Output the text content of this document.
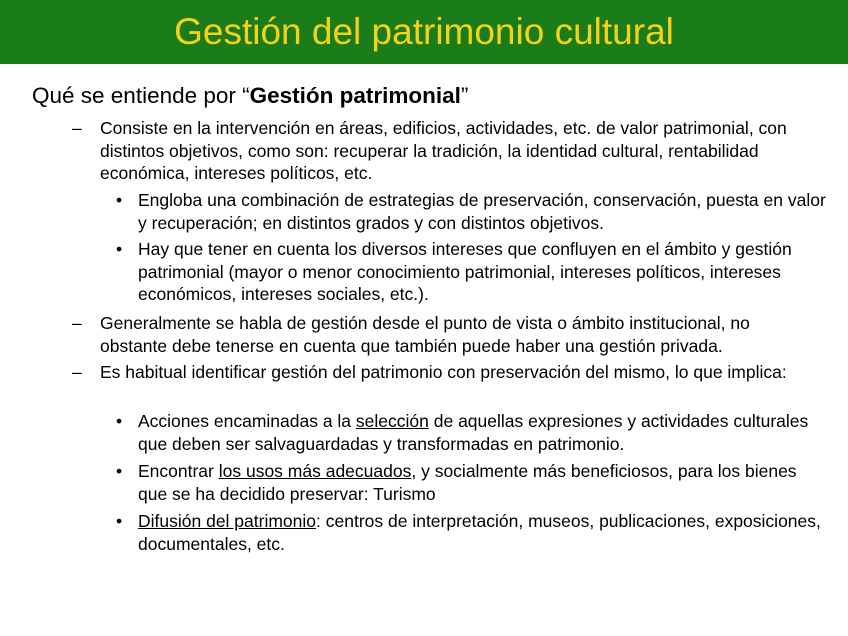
Gestión del patrimonio cultural
Qué se entiende por “Gestión patrimonial”
– Consiste en la intervención en áreas, edificios, actividades, etc. de valor patrimonial, con distintos objetivos, como son: recuperar la tradición, la identidad cultural, rentabilidad económica, intereses políticos, etc.
• Engloba una combinación de estrategias de preservación, conservación, puesta en valor y recuperación; en distintos grados y con distintos objetivos.
• Hay que tener en cuenta los diversos intereses que confluyen en el ámbito y gestión patrimonial (mayor o menor conocimiento patrimonial, intereses políticos, intereses económicos, intereses sociales, etc.).
– Generalmente se habla de gestión desde el punto de vista o ámbito institucional, no obstante debe tenerse en cuenta que también puede haber una gestión privada.
– Es habitual identificar gestión del patrimonio con preservación del mismo, lo que implica:
• Acciones encaminadas a la selección de aquellas expresiones y actividades culturales que deben ser salvaguardadas y transformadas en patrimonio.
• Encontrar los usos más adecuados, y socialmente más beneficiosos, para los bienes que se ha decidido preservar: Turismo
• Difusión del patrimonio: centros de interpretación, museos, publicaciones, exposiciones, documentales, etc.
